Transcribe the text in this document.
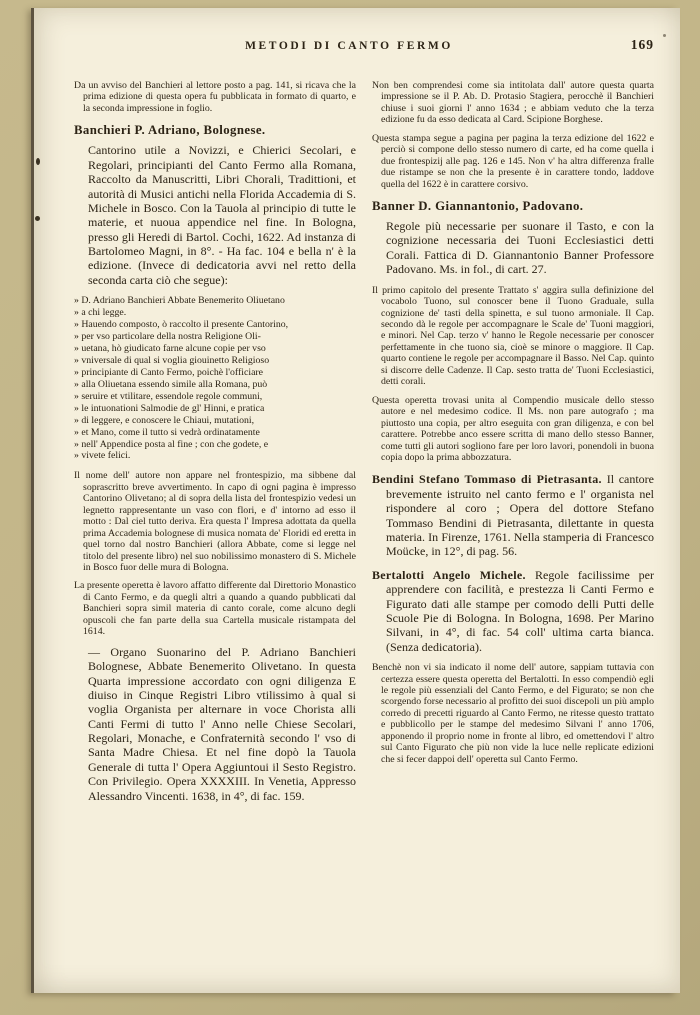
METODI DI CANTO FERMO	169

Da un avviso del Banchieri al lettore posto a pag. 141, si ricava che la prima edizione di questa opera fu pubblicata in formato di quarto, e la seconda impressione in foglio.

Banchieri P. Adriano, Bolognese.

Cantorino utile a Novizzi, e Chierici Secolari, e Regolari, principianti del Canto Fermo alla Romana, Raccolto da Manuscritti, Libri Chorali, Tradittioni, et autorità di Musici antichi nella Florida Accademia di S. Michele in Bosco. Con la Tauola al principio di tutte le materie, et nuoua appendice nel fine. In Bologna, presso gli Heredi di Bartol. Cochi, 1622. Ad instanza di Bartolomeo Magni, in 8°. - Ha fac. 104 e bella n' è la edizione. (Invece di dedicatoria avvi nel retto della seconda carta ciò che segue):

» D. Adriano Banchieri Abbate Benemerito Oliuetano
» a chi legge.
» Hauendo composto, ò raccolto il presente Cantorino,
» per vso particolare della nostra Religione Oli-
» uetana, hò giudicato farne alcune copie per vso
» vniversale di qual si voglia giouinetto Religioso
» principiante di Canto Fermo, poichè l'officiare
» alla Oliuetana essendo simile alla Romana, può
» seruire et vtilitare, essendole regole communi,
» le intuonationi Salmodie de gl' Hinni, e pratica
» di leggere, e conoscere le Chiaui, mutationi,
» et Mano, come il tutto si vedrà ordinatamente
» nell' Appendice posta al fine ; con che godete, e
» vivete felici.

Il nome dell' autore non appare nel frontespizio, ma sibbene dal soprascritto breve avvertimento. In capo di ogni pagina è impresso Cantorino Olivetano; al di sopra della lista del frontespizio vedesi un legnetto rappresentante un vaso con flori, e d' intorno ad esso il motto : Dal ciel tutto deriva. Era questa l' Impresa adottata da quella prima Accademia bolognese di musica nomata de' Floridi ed eretta in quel torno dal nostro Banchieri (allora Abbate, come si legge nel titolo del presente libro) nel suo nobilissimo monastero di S. Michele in Bosco fuor delle mura di Bologna.

La presente operetta è lavoro affatto differente dal Direttorio Monastico di Canto Fermo, e da quegli altri a quando a quando pubblicati dal Banchieri sopra simil materia di canto corale, come alcuno degli opuscoli che fan parte della sua Cartella musicale ristampata del 1614.

— Organo Suonarino del P. Adriano Banchieri Bolognese, Abbate Benemerito Olivetano. In questa Quarta impressione accordato con ogni diligenza E diuiso in Cinque Registri Libro vtilissimo à qual si voglia Organista per alternare in voce Chorista alli Canti Fermi di tutto l' Anno nelle Chiese Secolari, Regolari, Monache, e Confraternità secondo l' vso di Santa Madre Chiesa. Et nel fine dopò la Tauola Generale di tutta l' Opera Aggiuntoui il Sesto Registro. Con Privilegio. Opera XXXXIII. In Venetia, Appresso Alessandro Vincenti. 1638, in 4°, di fac. 159.

Non ben comprendesi come sia intitolata dall' autore questa quarta impressione se il P. Ab. D. Protasio Stagiera, perocchè il Banchieri chiuse i suoi giorni l' anno 1634 ; e abbiam veduto che la terza edizione fu da esso dedicata al Card. Scipione Borghese.

Questa stampa segue a pagina per pagina la terza edizione del 1622 e perciò si compone dello stesso numero di carte, ed ha come quella i due frontespizij alle pag. 126 e 145. Non v' ha altra differenza fralle due ristampe se non che la presente è in carattere tondo, laddove quella del 1622 è in carattere corsivo.

Banner D. Giannantonio, Padovano.

Regole più necessarie per suonare il Tasto, e con la cognizione necessaria dei Tuoni Ecclesiastici detti Corali. Fattica di D. Giannantonio Banner Professore Padovano. Ms. in fol., di cart. 27.

Il primo capitolo del presente Trattato s' aggira sulla definizione del vocabolo Tuono, sul conoscer bene il Tuono Graduale, sulla cognizione de' tasti della spinetta, e sul tuono armoniale. Il Cap. secondo dà le regole per accompagnare le Scale de' Tuoni maggiori, e minori. Nel Cap. terzo v' hanno le Regole necessarie per conoscer perfettamente in che tuono sia, cioè se minore o maggiore. Il Cap. quarto contiene le regole per accompagnare il Basso. Nel Cap. quinto si discorre delle Cadenze. Il Cap. sesto tratta de' Tuoni Ecclesiastici, detti corali.

Questa operetta trovasi unita al Compendio musicale dello stesso autore e nel medesimo codice. Il Ms. non pare autografo ; ma piuttosto una copia, per altro eseguita con gran diligenza, e con bel carattere. Potrebbe anco essere scritta di mano dello stesso Banner, come tutti gli autori sogliono fare per loro lavori, ponendoli in buona copia dopo la prima abbozzatura.

Bendini Stefano Tommaso di Pietrasanta. Il cantore brevemente istruito nel canto fermo e l' organista nel rispondere al coro ; Opera del dottore Stefano Tommaso Bendini di Pietrasanta, dilettante in questa materia. In Firenze, 1761. Nella stamperia di Francesco Moücke, in 12°, di pag. 56.

Bertalotti Angelo Michele. Regole facilissime per apprendere con facilità, e prestezza li Canti Fermo e Figurato dati alle stampe per comodo delli Putti delle Scuole Pie di Bologna. In Bologna, 1698. Per Marino Silvani, in 4°, di fac. 54 coll' ultima carta bianca. (Senza dedicatoria).

Benchè non vi sia indicato il nome dell' autore, sappiam tuttavia con certezza essere questa operetta del Bertalotti. In esso compendiò egli le regole più essenziali del Canto Fermo, e del Figurato; se non che scorgendo forse necessario al profitto dei suoi discepoli un più amplo corredo di precetti riguardo al Canto Fermo, ne ritesse questo trattato e pubblicollo per le stampe del medesimo Silvani l' anno 1706, apponendo il proprio nome in fronte al libro, ed omettendovi l' altro sul Canto Figurato che più non vide la luce nelle replicate edizioni che si fecer dappoi dell' operetta sul Canto Fermo.
